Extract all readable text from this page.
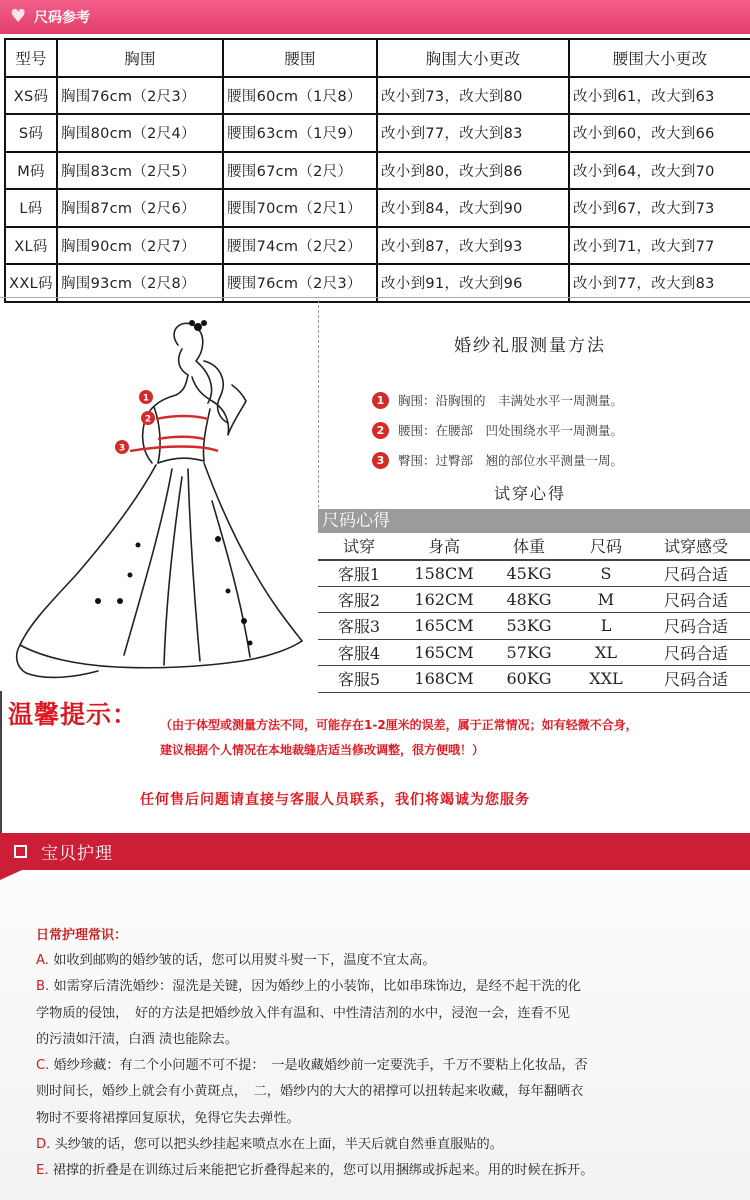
♥ 尺码参考
型号	胸围	腰围	胸围大小更改	腰围大小更改
XS码	胸围76cm（2尺3）	腰围60cm（1尺8）	改小到73，改大到80	改小到61，改大到63
S码	胸围80cm（2尺4）	腰围63cm（1尺9）	改小到77，改大到83	改小到60，改大到66
M码	胸围83cm（2尺5）	腰围67cm（2尺）	改小到80，改大到86	改小到64，改大到70
L码	胸围87cm（2尺6）	腰围70cm（2尺1）	改小到84，改大到90	改小到67，改大到73
XL码	胸围90cm（2尺7）	腰围74cm（2尺2）	改小到87，改大到93	改小到71，改大到77
XXL码	胸围93cm（2尺8）	腰围76cm（2尺3）	改小到91，改大到96	改小到77，改大到83
1
2
3
婚纱礼服测量方法
1	胸围：沿胸围的　丰满处水平一周测量。
2	腰围：在腰部　凹处围绕水平一周测量。
3	臀围：过臀部　翘的部位水平测量一周。
试穿心得
尺码心得
试穿	身高	体重	尺码	试穿感受
客服1	158CM	45KG	S	尺码合适
客服2	162CM	48KG	M	尺码合适
客服3	165CM	53KG	L	尺码合适
客服4	165CM	57KG	XL	尺码合适
客服5	168CM	60KG	XXL	尺码合适
温馨提示： （由于体型或测量方法不同，可能存在1-2厘米的误差，属于正常情况；如有轻微不合身，
建议根据个人情况在本地裁缝店适当修改调整，很方便哦！）
任何售后问题请直接与客服人员联系，我们将竭诚为您服务
宝贝护理
日常护理常识：

A. 如收到邮购的婚纱皱的话，您可以用熨斗熨一下，温度不宜太高。

B. 如需穿后清洗婚纱：湿洗是关键，因为婚纱上的小装饰，比如串珠饰边，是经不起干洗的化

学物质的侵蚀，　好的方法是把婚纱放入伴有温和、中性清洁剂的水中，浸泡一会，连看不见

的污渍如汗渍，白酒 渍也能除去。

C. 婚纱珍藏：有二个小问题不可不提：　一是收藏婚纱前一定要洗手，千万不要粘上化妆品，否

则时间长，婚纱上就会有小黄斑点，　二，婚纱内的大大的裙撑可以扭转起来收藏，每年翻晒衣

物时不要将裙撑回复原状，免得它失去弹性。

D. 头纱皱的话，您可以把头纱挂起来喷点水在上面，半天后就自然垂直服贴的。

E. 裙撑的折叠是在训练过后来能把它折叠得起来的，您可以用捆绑或拆起来。用的时候在拆开。
